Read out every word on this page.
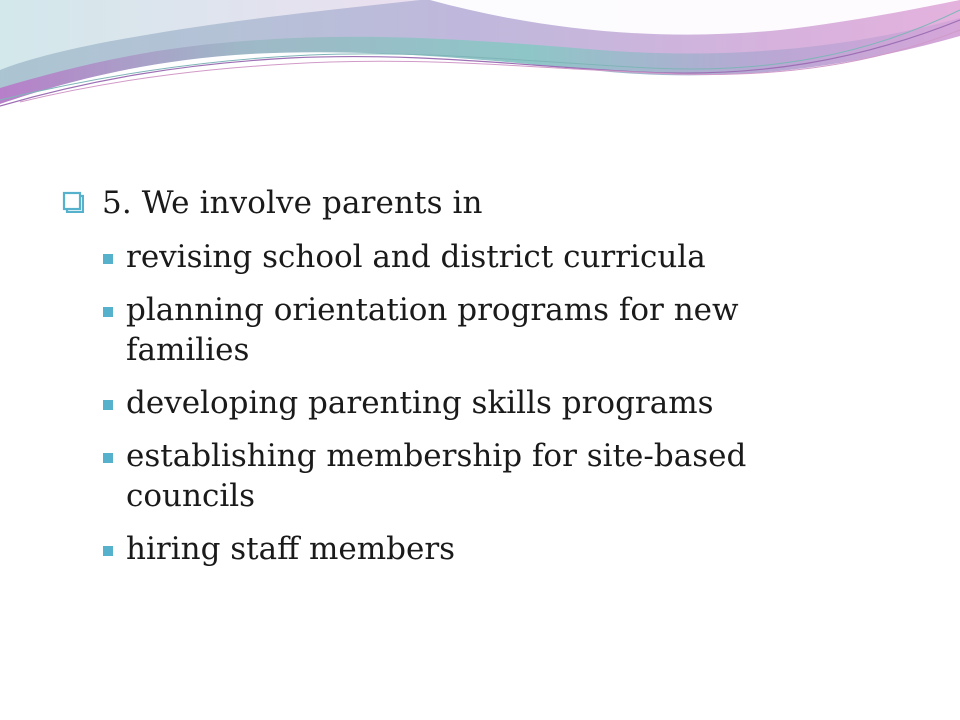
5. We involve parents in
revising school and district curricula
planning orientation programs for new families
developing parenting skills programs
establishing membership for site-based councils
hiring staff members
